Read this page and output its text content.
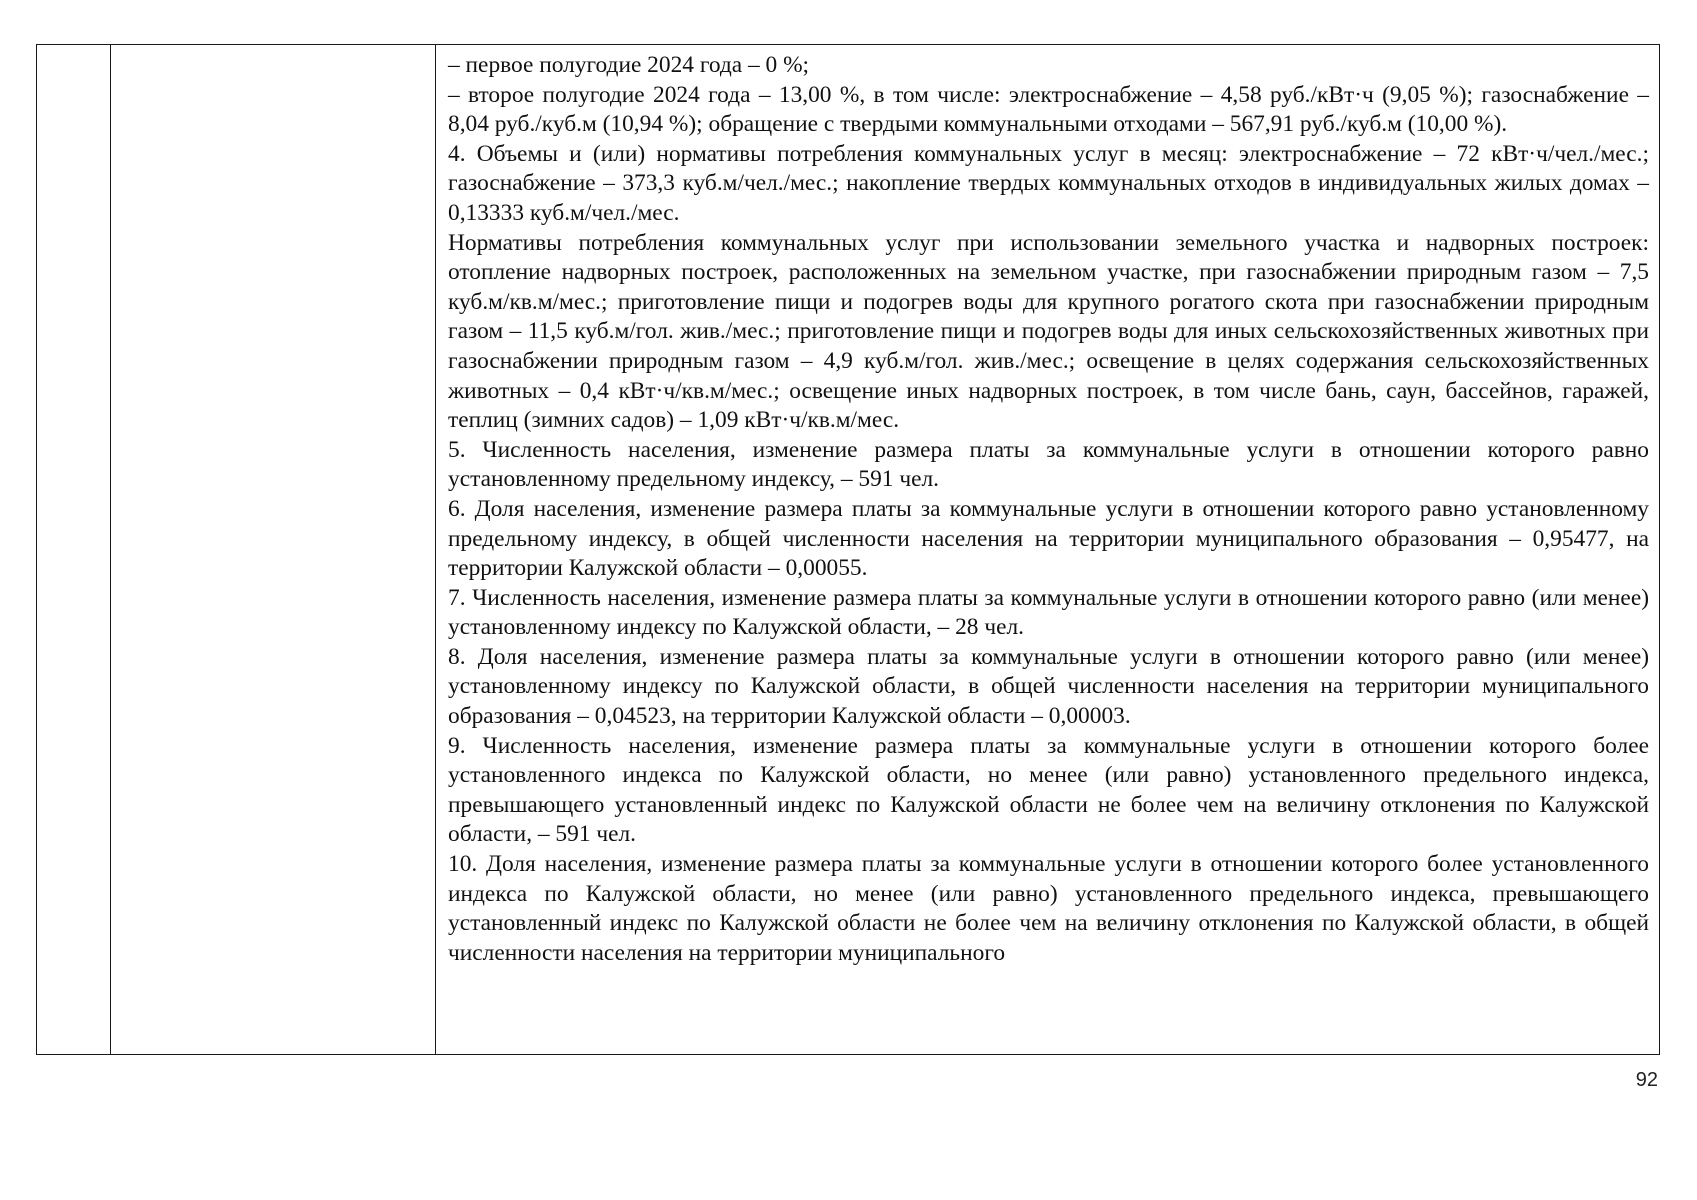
– первое полугодие 2024 года – 0 %;

– второе полугодие 2024 года – 13,00 %, в том числе: электроснабжение – 4,58 руб./кВт·ч (9,05 %); газоснабжение – 8,04 руб./куб.м (10,94 %); обращение с твердыми коммунальными отходами – 567,91 руб./куб.м (10,00 %).

4. Объемы и (или) нормативы потребления коммунальных услуг в месяц: электроснабжение – 72 кВт·ч/чел./мес.; газоснабжение – 373,3 куб.м/чел./мес.; накопление твердых коммунальных отходов в индивидуальных жилых домах – 0,13333 куб.м/чел./мес.

Нормативы потребления коммунальных услуг при использовании земельного участка и надворных построек: отопление надворных построек, расположенных на земельном участке, при газоснабжении природным газом – 7,5 куб.м/кв.м/мес.; приготовление пищи и подогрев воды для крупного рогатого скота при газоснабжении природным газом – 11,5 куб.м/гол. жив./мес.; приготовление пищи и подогрев воды для иных сельскохозяйственных животных при газоснабжении природным газом – 4,9 куб.м/гол. жив./мес.; освещение в целях содержания сельскохозяйственных животных – 0,4 кВт·ч/кв.м/мес.; освещение иных надворных построек, в том числе бань, саун, бассейнов, гаражей, теплиц (зимних садов) – 1,09 кВт·ч/кв.м/мес.

5. Численность населения, изменение размера платы за коммунальные услуги в отношении которого равно установленному предельному индексу, – 591 чел.

6. Доля населения, изменение размера платы за коммунальные услуги в отношении которого равно установленному предельному индексу, в общей численности населения на территории муниципального образования – 0,95477, на территории Калужской области – 0,00055.

7. Численность населения, изменение размера платы за коммунальные услуги в отношении которого равно (или менее) установленному индексу по Калужской области, – 28 чел.

8. Доля населения, изменение размера платы за коммунальные услуги в отношении которого равно (или менее) установленному индексу по Калужской области, в общей численности населения на территории муниципального образования – 0,04523, на территории Калужской области – 0,00003.

9. Численность населения, изменение размера платы за коммунальные услуги в отношении которого более установленного индекса по Калужской области, но менее (или равно) установленного предельного индекса, превышающего установленный индекс по Калужской области не более чем на величину отклонения по Калужской области, – 591 чел.

10. Доля населения, изменение размера платы за коммунальные услуги в отношении которого более установленного индекса по Калужской области, но менее (или равно) установленного предельного индекса, превышающего установленный индекс по Калужской области не более чем на величину отклонения по Калужской области, в общей численности населения на территории муниципального

92
